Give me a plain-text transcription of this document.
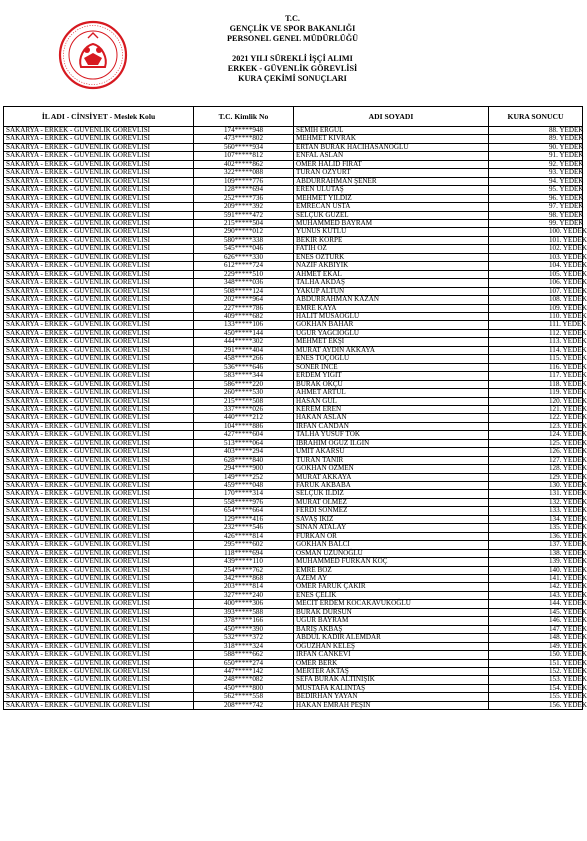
T.C.
GENÇLİK VE SPOR BAKANLIĞI
PERSONEL GENEL MÜDÜRLÜĞÜ
2021 YILI SÜREKLİ İŞÇİ ALIMI
ERKEK - GÜVENLİK GÖREVLİSİ
KURA ÇEKİMİ SONUÇLARI
İL ADI - CİNSİYET - Meslek Kolu	T.C. Kimlik No	ADI SOYADI	KURA SONUCU
SAKARYA - ERKEK - GÜVENLİK GÖREVLİSİ	174*****948	SEMİH ERGÜL	88. YEDEK
SAKARYA - ERKEK - GÜVENLİK GÖREVLİSİ	473*****802	MEHMET KIVRAK	89. YEDEK
SAKARYA - ERKEK - GÜVENLİK GÖREVLİSİ	560*****934	ERTAN BURAK HACIHASANOĞLU	90. YEDEK
SAKARYA - ERKEK - GÜVENLİK GÖREVLİSİ	107*****812	ENFAL ASLAN	91. YEDEK
SAKARYA - ERKEK - GÜVENLİK GÖREVLİSİ	402*****862	ÖMER HALİD FIRAT	92. YEDEK
SAKARYA - ERKEK - GÜVENLİK GÖREVLİSİ	322*****088	TURAN ÖZYURT	93. YEDEK
SAKARYA - ERKEK - GÜVENLİK GÖREVLİSİ	109*****776	ABDURRAHMAN ŞENER	94. YEDEK
SAKARYA - ERKEK - GÜVENLİK GÖREVLİSİ	128*****694	EREN ULUTAŞ	95. YEDEK
SAKARYA - ERKEK - GÜVENLİK GÖREVLİSİ	252*****736	MEHMET YILDIZ	96. YEDEK
SAKARYA - ERKEK - GÜVENLİK GÖREVLİSİ	209*****392	EMRECAN USTA	97. YEDEK
SAKARYA - ERKEK - GÜVENLİK GÖREVLİSİ	591*****472	SELÇUK GÜZEL	98. YEDEK
SAKARYA - ERKEK - GÜVENLİK GÖREVLİSİ	215*****504	MUHAMMED BAYRAM	99. YEDEK
SAKARYA - ERKEK - GÜVENLİK GÖREVLİSİ	290*****012	YUNUS KUTLU	100. YEDEK
SAKARYA - ERKEK - GÜVENLİK GÖREVLİSİ	580*****338	BEKİR KÖRPE	101. YEDEK
SAKARYA - ERKEK - GÜVENLİK GÖREVLİSİ	545*****046	FATİH ÖZ	102. YEDEK
SAKARYA - ERKEK - GÜVENLİK GÖREVLİSİ	626*****330	ENES ÖZTÜRK	103. YEDEK
SAKARYA - ERKEK - GÜVENLİK GÖREVLİSİ	612*****724	NAZİF AKBIYIK	104. YEDEK
SAKARYA - ERKEK - GÜVENLİK GÖREVLİSİ	229*****510	AHMET EKAL	105. YEDEK
SAKARYA - ERKEK - GÜVENLİK GÖREVLİSİ	348*****036	TALHA AKDAŞ	106. YEDEK
SAKARYA - ERKEK - GÜVENLİK GÖREVLİSİ	508*****124	YAKUP ALTUN	107. YEDEK
SAKARYA - ERKEK - GÜVENLİK GÖREVLİSİ	202*****964	ABDURRAHMAN KAZAN	108. YEDEK
SAKARYA - ERKEK - GÜVENLİK GÖREVLİSİ	227*****786	EMRE KAYA	109. YEDEK
SAKARYA - ERKEK - GÜVENLİK GÖREVLİSİ	409*****682	HALİT MUSAOĞLU	110. YEDEK
SAKARYA - ERKEK - GÜVENLİK GÖREVLİSİ	133*****106	GÖKHAN BAHAR	111. YEDEK
SAKARYA - ERKEK - GÜVENLİK GÖREVLİSİ	450*****144	UĞUR YAĞCIOĞLU	112. YEDEK
SAKARYA - ERKEK - GÜVENLİK GÖREVLİSİ	444*****302	MEHMET EKŞİ	113. YEDEK
SAKARYA - ERKEK - GÜVENLİK GÖREVLİSİ	291*****404	MURAT AYDIN AKKAYA	114. YEDEK
SAKARYA - ERKEK - GÜVENLİK GÖREVLİSİ	458*****266	ENES TOÇOĞLU	115. YEDEK
SAKARYA - ERKEK - GÜVENLİK GÖREVLİSİ	536*****646	SONER İNCE	116. YEDEK
SAKARYA - ERKEK - GÜVENLİK GÖREVLİSİ	583*****344	ERDEM YİĞİT	117. YEDEK
SAKARYA - ERKEK - GÜVENLİK GÖREVLİSİ	586*****220	BURAK OKÇU	118. YEDEK
SAKARYA - ERKEK - GÜVENLİK GÖREVLİSİ	260*****530	AHMET ARTUL	119. YEDEK
SAKARYA - ERKEK - GÜVENLİK GÖREVLİSİ	215*****508	HASAN GÜL	120. YEDEK
SAKARYA - ERKEK - GÜVENLİK GÖREVLİSİ	337*****026	KEREM EREN	121. YEDEK
SAKARYA - ERKEK - GÜVENLİK GÖREVLİSİ	440*****212	HAKAN ASLAN	122. YEDEK
SAKARYA - ERKEK - GÜVENLİK GÖREVLİSİ	104*****886	İRFAN CANDAN	123. YEDEK
SAKARYA - ERKEK - GÜVENLİK GÖREVLİSİ	427*****604	TALHA YUSUF TOK	124. YEDEK
SAKARYA - ERKEK - GÜVENLİK GÖREVLİSİ	513*****064	İBRAHİM OĞUZ İLGİN	125. YEDEK
SAKARYA - ERKEK - GÜVENLİK GÖREVLİSİ	403*****294	ÜMİT AKARSU	126. YEDEK
SAKARYA - ERKEK - GÜVENLİK GÖREVLİSİ	628*****840	TURAN TANIR	127. YEDEK
SAKARYA - ERKEK - GÜVENLİK GÖREVLİSİ	294*****900	GÖKHAN ÖZMEN	128. YEDEK
SAKARYA - ERKEK - GÜVENLİK GÖREVLİSİ	149*****252	MURAT AKKAYA	129. YEDEK
SAKARYA - ERKEK - GÜVENLİK GÖREVLİSİ	459*****048	FARUK AKBABA	130. YEDEK
SAKARYA - ERKEK - GÜVENLİK GÖREVLİSİ	170*****314	SELÇUK İLDIZ	131. YEDEK
SAKARYA - ERKEK - GÜVENLİK GÖREVLİSİ	558*****976	MURAT ÖLMEZ	132. YEDEK
SAKARYA - ERKEK - GÜVENLİK GÖREVLİSİ	654*****664	FERDİ SÖNMEZ	133. YEDEK
SAKARYA - ERKEK - GÜVENLİK GÖREVLİSİ	129*****416	SAVAŞ İKİZ	134. YEDEK
SAKARYA - ERKEK - GÜVENLİK GÖREVLİSİ	232*****546	SİNAN ATALAY	135. YEDEK
SAKARYA - ERKEK - GÜVENLİK GÖREVLİSİ	426*****814	FURKAN ÖR	136. YEDEK
SAKARYA - ERKEK - GÜVENLİK GÖREVLİSİ	295*****602	GÖKHAN BALCI	137. YEDEK
SAKARYA - ERKEK - GÜVENLİK GÖREVLİSİ	118*****694	OSMAN UZUNOĞLU	138. YEDEK
SAKARYA - ERKEK - GÜVENLİK GÖREVLİSİ	439*****110	MUHAMMED FURKAN KÖÇ	139. YEDEK
SAKARYA - ERKEK - GÜVENLİK GÖREVLİSİ	254*****762	EMRE BOZ	140. YEDEK
SAKARYA - ERKEK - GÜVENLİK GÖREVLİSİ	342*****868	AZEM AY	141. YEDEK
SAKARYA - ERKEK - GÜVENLİK GÖREVLİSİ	203*****814	ÖMER FARUK ÇAKIR	142. YEDEK
SAKARYA - ERKEK - GÜVENLİK GÖREVLİSİ	327*****240	ENES ÇELİK	143. YEDEK
SAKARYA - ERKEK - GÜVENLİK GÖREVLİSİ	400*****306	MECİT ERDEM KOCAKAVUKOĞLU	144. YEDEK
SAKARYA - ERKEK - GÜVENLİK GÖREVLİSİ	393*****588	BURAK DURSUN	145. YEDEK
SAKARYA - ERKEK - GÜVENLİK GÖREVLİSİ	378*****166	UĞUR BAYRAM	146. YEDEK
SAKARYA - ERKEK - GÜVENLİK GÖREVLİSİ	450*****390	BARIŞ AKBAŞ	147. YEDEK
SAKARYA - ERKEK - GÜVENLİK GÖREVLİSİ	532*****372	ABDUL KADİR ALEMDAR	148. YEDEK
SAKARYA - ERKEK - GÜVENLİK GÖREVLİSİ	318*****324	OĞUZHAN KELEŞ	149. YEDEK
SAKARYA - ERKEK - GÜVENLİK GÖREVLİSİ	588*****662	İRFAN CANKEVİ	150. YEDEK
SAKARYA - ERKEK - GÜVENLİK GÖREVLİSİ	650*****274	ÖMER BERK	151. YEDEK
SAKARYA - ERKEK - GÜVENLİK GÖREVLİSİ	447*****142	MERTER AKTAŞ	152. YEDEK
SAKARYA - ERKEK - GÜVENLİK GÖREVLİSİ	248*****082	SEFA BURAK ALTINIŞIK	153. YEDEK
SAKARYA - ERKEK - GÜVENLİK GÖREVLİSİ	450*****800	MUSTAFA KALİNTAŞ	154. YEDEK
SAKARYA - ERKEK - GÜVENLİK GÖREVLİSİ	562*****558	BEDİRHAN YAYAN	155. YEDEK
SAKARYA - ERKEK - GÜVENLİK GÖREVLİSİ	208*****742	HAKAN EMRAH PEŞİN	156. YEDEK
